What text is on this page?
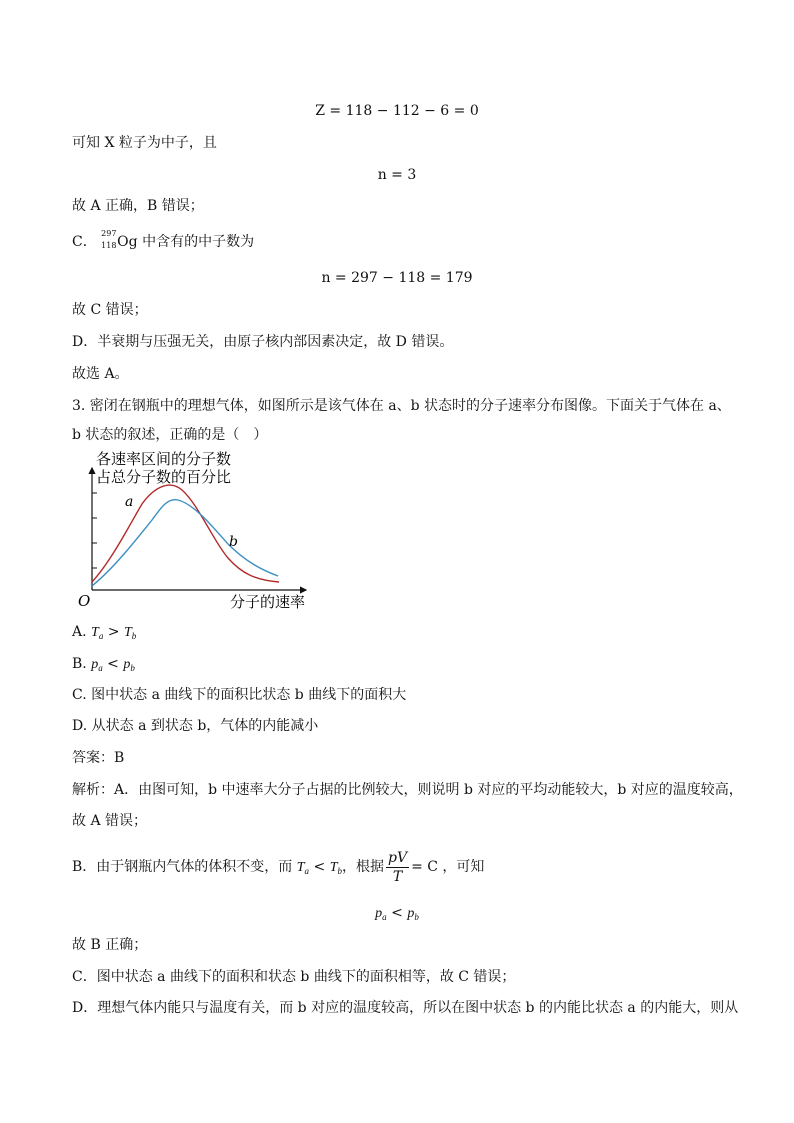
Z = 118 − 112 − 6 = 0
可知 X 粒子为中子，且
n = 3
故 A 正确，B 错误；
C．
297
118 Og 中含有的中子数为
n = 297 − 118 = 179
故 C 错误；
D．半衰期与压强无关，由原子核内部因素决定，故 D 错误。
故选 A。
3. 密闭在钢瓶中的理想气体，如图所示是该气体在 a、b 状态时的分子速率分布图像。下面关于气体在 a、
b 状态的叙述，正确的是（　）
各速率区间的分子数
占总分子数的百分比
a
b
O	分子的速率
A. $T_a > T_b$
B. $p_a < p_b$
C. 图中状态 a 曲线下的面积比状态 b 曲线下的面积大
D. 从状态 a 到状态 b，气体的内能减小
答案：B
解析：A．由图可知，b 中速率大分子占据的比例较大，则说明 b 对应的平均动能较大，b 对应的温度较高，
故 A 错误；
B．由于钢瓶内气体的体积不变，而 $T_a < T_b$，根据 $\frac{pV}{T} = C$ ，可知
$p_a < p_b$
故 B 正确；
C．图中状态 a 曲线下的面积和状态 b 曲线下的面积相等，故 C 错误；
D．理想气体内能只与温度有关，而 b 对应的温度较高，所以在图中状态 b 的内能比状态 a 的内能大，则从
